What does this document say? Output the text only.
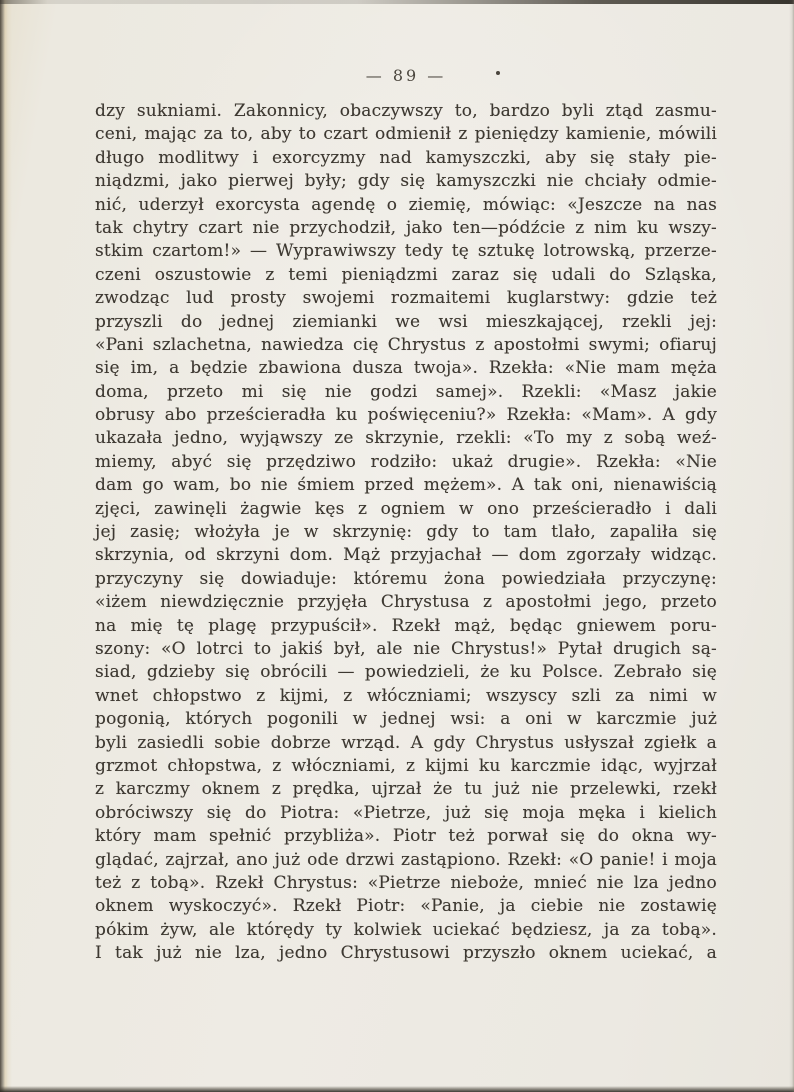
— 89 —
dzy sukniami. Zakonnicy, obaczywszy to, bardzo byli ztąd zasmu-
ceni, mając za to, aby to czart odmienił z pieniędzy kamienie, mówili
długo modlitwy i exorcyzmy nad kamyszczki, aby się stały pie-
niądzmi, jako pierwej były; gdy się kamyszczki nie chciały odmie-
nić, uderzył exorcysta agendę o ziemię, mówiąc: «Jeszcze na nas
tak chytry czart nie przychodził, jako ten—pódźcie z nim ku wszy-
stkim czartom!» — Wyprawiwszy tedy tę sztukę lotrowską, przerze-
czeni oszustowie z temi pieniądzmi zaraz się udali do Szląska,
zwodząc lud prosty swojemi rozmaitemi kuglarstwy: gdzie też
przyszli do jednej ziemianki we wsi mieszkającej, rzekli jej:
«Pani szlachetna, nawiedza cię Chrystus z apostołmi swymi; ofiaruj
się im, a będzie zbawiona dusza twoja». Rzekła: «Nie mam męża
doma, przeto mi się nie godzi samej». Rzekli: «Masz jakie
obrusy abo prześcieradła ku poświęceniu?» Rzekła: «Mam». A gdy
ukazała jedno, wyjąwszy ze skrzynie, rzekli: «To my z sobą weź-
miemy, abyć się przędziwo rodziło: ukaż drugie». Rzekła: «Nie
dam go wam, bo nie śmiem przed mężem». A tak oni, nienawiścią
zjęci, zawinęli żagwie kęs z ogniem w ono prześcieradło i dali
jej zasię; włożyła je w skrzynię: gdy to tam tlało, zapaliła się
skrzynia, od skrzyni dom. Mąż przyjachał — dom zgorzały widząc.
przyczyny się dowiaduje: któremu żona powiedziała przyczynę:
«iżem niewdzięcznie przyjęła Chrystusa z apostołmi jego, przeto
na mię tę plagę przypuścił». Rzekł mąż, będąc gniewem poru-
szony: «O lotrci to jakiś był, ale nie Chrystus!» Pytał drugich są-
siad, gdzieby się obrócili — powiedzieli, że ku Polsce. Zebrało się
wnet chłopstwo z kijmi, z włóczniami; wszyscy szli za nimi w
pogonią, których pogonili w jednej wsi: a oni w karczmie już
byli zasiedli sobie dobrze wrząd. A gdy Chrystus usłyszał zgiełk a
grzmot chłopstwa, z włóczniami, z kijmi ku karczmie idąc, wyjrzał
z karczmy oknem z prędka, ujrzał że tu już nie przelewki, rzekł
obróciwszy się do Piotra: «Pietrze, już się moja męka i kielich
który mam spełnić przybliża». Piotr też porwał się do okna wy-
glądać, zajrzał, ano już ode drzwi zastąpiono. Rzekł: «O panie! i moja
też z tobą». Rzekł Chrystus: «Pietrze nieboże, mnieć nie lza jedno
oknem wyskoczyć». Rzekł Piotr: «Panie, ja ciebie nie zostawię
pókim żyw, ale którędy ty kolwiek uciekać będziesz, ja za tobą».
I tak już nie lza, jedno Chrystusowi przyszło oknem uciekać, a
